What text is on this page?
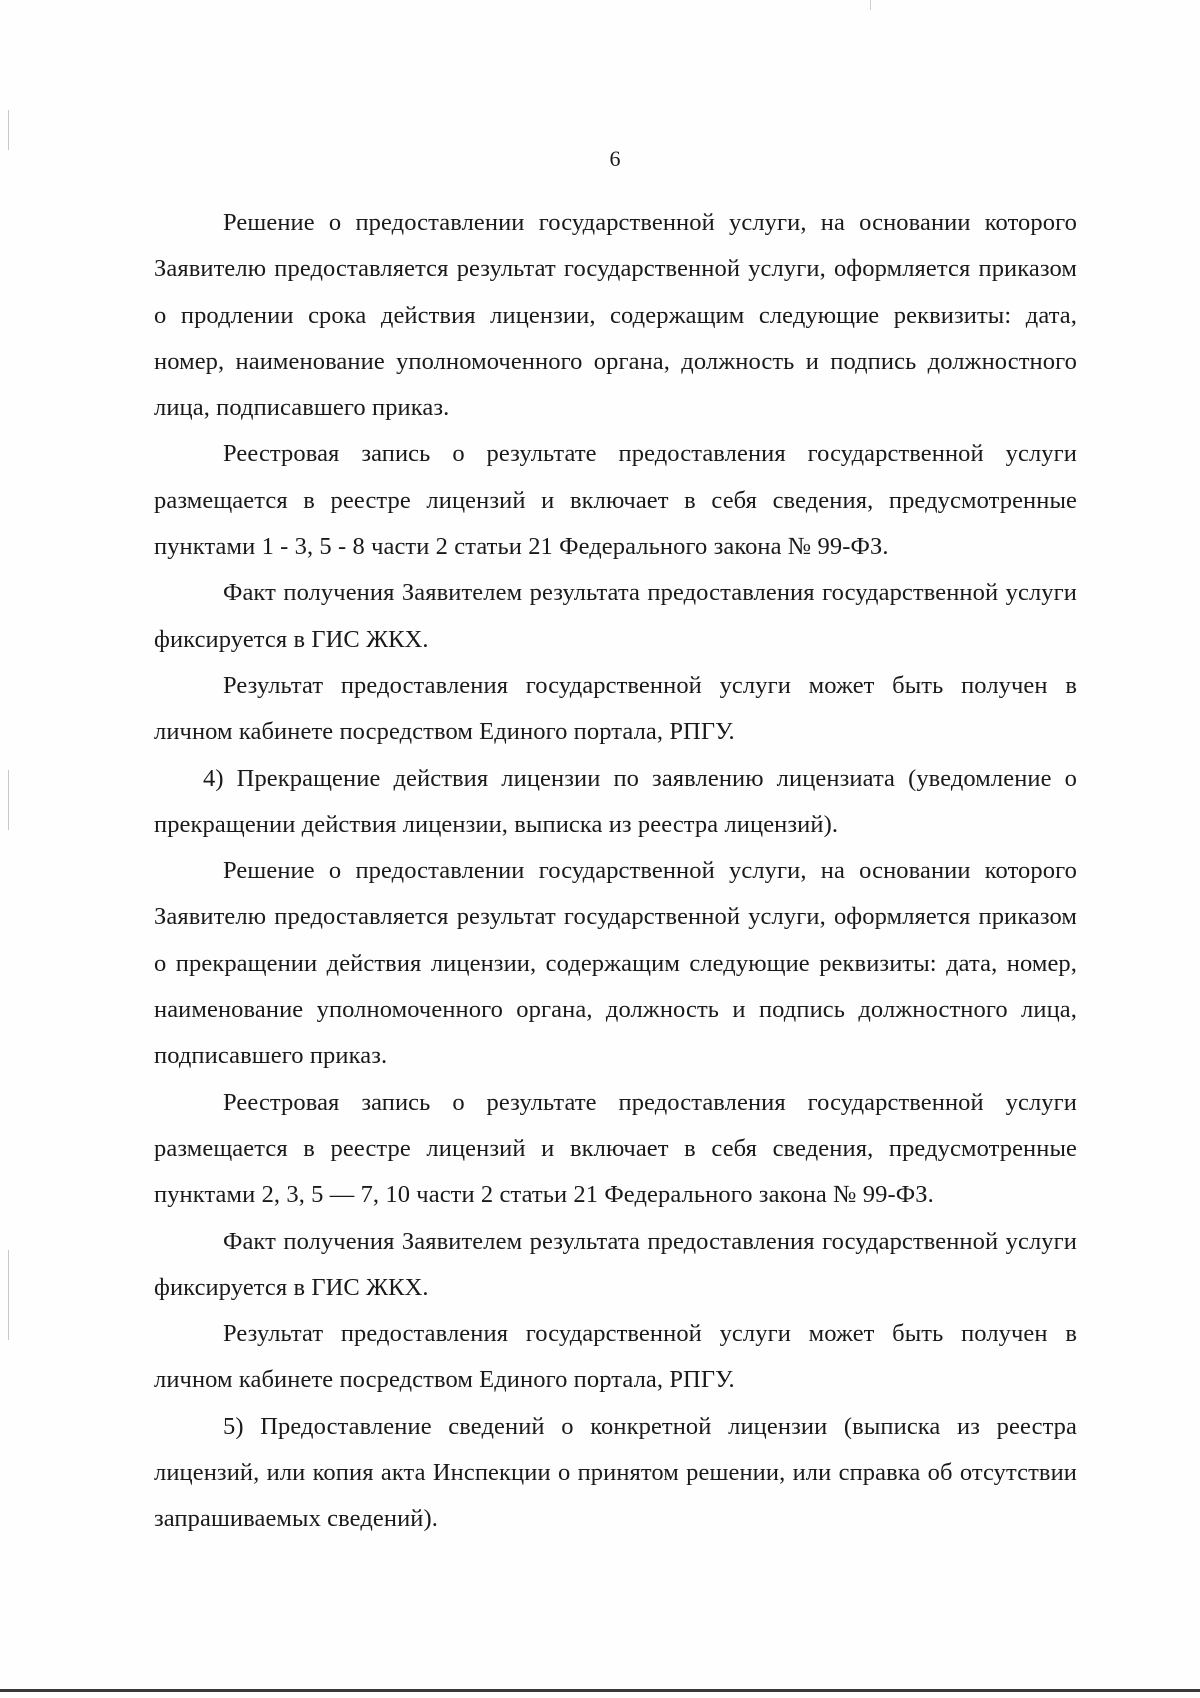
6

Решение о предоставлении государственной услуги, на основании которого Заявителю предоставляется результат государственной услуги, оформляется приказом о продлении срока действия лицензии, содержащим следующие реквизиты: дата, номер, наименование уполномоченного органа, должность и подпись должностного лица, подписавшего приказ.

Реестровая запись о результате предоставления государственной услуги размещается в реестре лицензий и включает в себя сведения, предусмотренные пунктами 1 - 3, 5 - 8 части 2 статьи 21 Федерального закона № 99-ФЗ.

Факт получения Заявителем результата предоставления государственной услуги фиксируется в ГИС ЖКХ.

Результат предоставления государственной услуги может быть получен в личном кабинете посредством Единого портала, РПГУ.

4) Прекращение действия лицензии по заявлению лицензиата (уведомление о прекращении действия лицензии, выписка из реестра лицензий).

Решение о предоставлении государственной услуги, на основании которого Заявителю предоставляется результат государственной услуги, оформляется приказом о прекращении действия лицензии, содержащим следующие реквизиты: дата, номер, наименование уполномоченного органа, должность и подпись должностного лица, подписавшего приказ.

Реестровая запись о результате предоставления государственной услуги размещается в реестре лицензий и включает в себя сведения, предусмотренные пунктами 2, 3, 5 — 7, 10 части 2 статьи 21 Федерального закона № 99-ФЗ.

Факт получения Заявителем результата предоставления государственной услуги фиксируется в ГИС ЖКХ.

Результат предоставления государственной услуги может быть получен в личном кабинете посредством Единого портала, РПГУ.

5) Предоставление сведений о конкретной лицензии (выписка из реестра лицензий, или копия акта Инспекции о принятом решении, или справка об отсутствии запрашиваемых сведений).
